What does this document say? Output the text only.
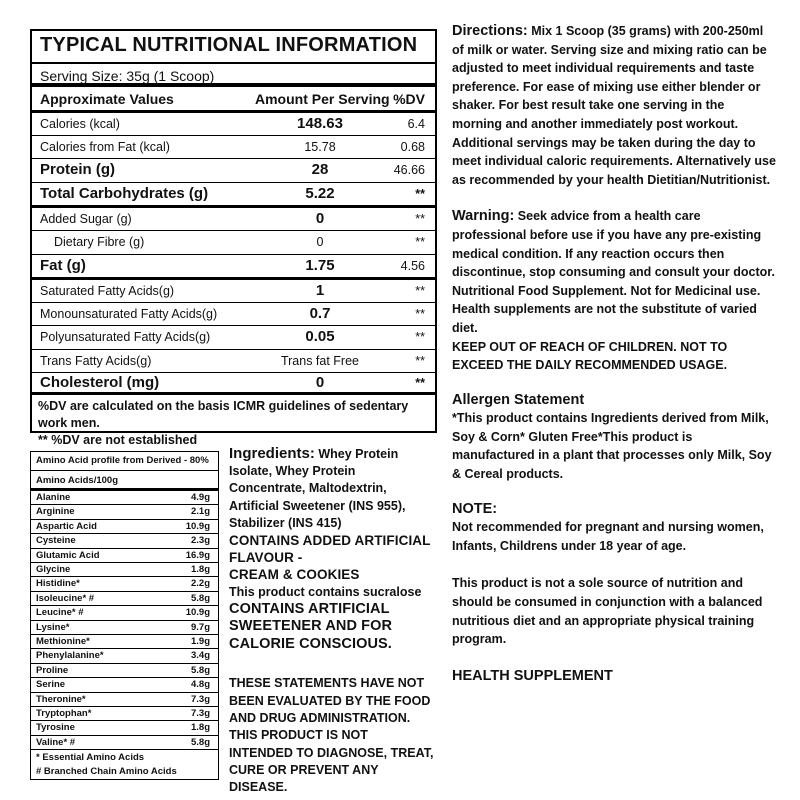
TYPICAL NUTRITIONAL INFORMATION
Serving Size: 35g (1 Scoop)
Approximate Values	Amount Per Serving %DV
Calories (kcal)	148.63	6.4
Calories from Fat (kcal)	15.78	0.68
Protein (g)	28	46.66
Total Carbohydrates (g)	5.22	**
Added Sugar (g)	0	**
Dietary Fibre (g)	0	**
Fat (g)	1.75	4.56
Saturated Fatty Acids(g)	1	**
Monounsaturated Fatty Acids(g)	0.7	**
Polyunsaturated Fatty Acids(g)	0.05	**
Trans Fatty Acids(g)	Trans fat Free	**
Cholesterol (mg)	0	**
%DV are calculated on the basis ICMR guidelines of sedentary work men.
** %DV are not established
Amino Acid profile from Derived - 80%
Amino Acids/100g
Alanine	4.9g
Arginine	2.1g
Aspartic Acid	10.9g
Cysteine	2.3g
Glutamic Acid	16.9g
Glycine	1.8g
Histidine*	2.2g
Isoleucine* #	5.8g
Leucine* #	10.9g
Lysine*	9.7g
Methionine*	1.9g
Phenylalanine*	3.4g
Proline	5.8g
Serine	4.8g
Theronine*	7.3g
Tryptophan*	7.3g
Tyrosine	1.8g
Valine* #	5.8g
* Essential Amino Acids
# Branched Chain Amino Acids
Ingredients: Whey Protein Isolate, Whey Protein Concentrate, Maltodextrin, Artificial Sweetener (INS 955), Stabilizer (INS 415)
CONTAINS ADDED ARTIFICIAL FLAVOUR -
CREAM & COOKIES
This product contains sucralose
CONTAINS ARTIFICIAL SWEETENER AND FOR CALORIE CONSCIOUS.
THESE STATEMENTS HAVE NOT BEEN EVALUATED BY THE FOOD AND DRUG ADMINISTRATION. THIS PRODUCT IS NOT INTENDED TO DIAGNOSE, TREAT, CURE OR PREVENT ANY DISEASE.

Directions: Mix 1 Scoop (35 grams) with 200-250ml of milk or water. Serving size and mixing ratio can be adjusted to meet individual requirements and taste preference. For ease of mixing use either blender or shaker. For best result take one serving in the morning and another immediately post workout. Additional servings may be taken during the day to meet individual caloric requirements. Alternatively use as recommended by your health Dietitian/Nutritionist.

Warning: Seek advice from a health care professional before use if you have any pre-existing medical condition. If any reaction occurs then discontinue, stop consuming and consult your doctor. Nutritional Food Supplement. Not for Medicinal use. Health supplements are not the substitute of varied diet.

KEEP OUT OF REACH OF CHILDREN. NOT TO EXCEED THE DAILY RECOMMENDED USAGE.

Allergen Statement

*This product contains Ingredients derived from Milk, Soy & Corn* Gluten Free*This product is manufactured in a plant that processes only Milk, Soy & Cereal products.

NOTE:

Not recommended for pregnant and nursing women, Infants, Childrens under 18 year of age.

This product is not a sole source of nutrition and should be consumed in conjunction with a balanced nutritious diet and an appropriate physical training program.

HEALTH SUPPLEMENT
